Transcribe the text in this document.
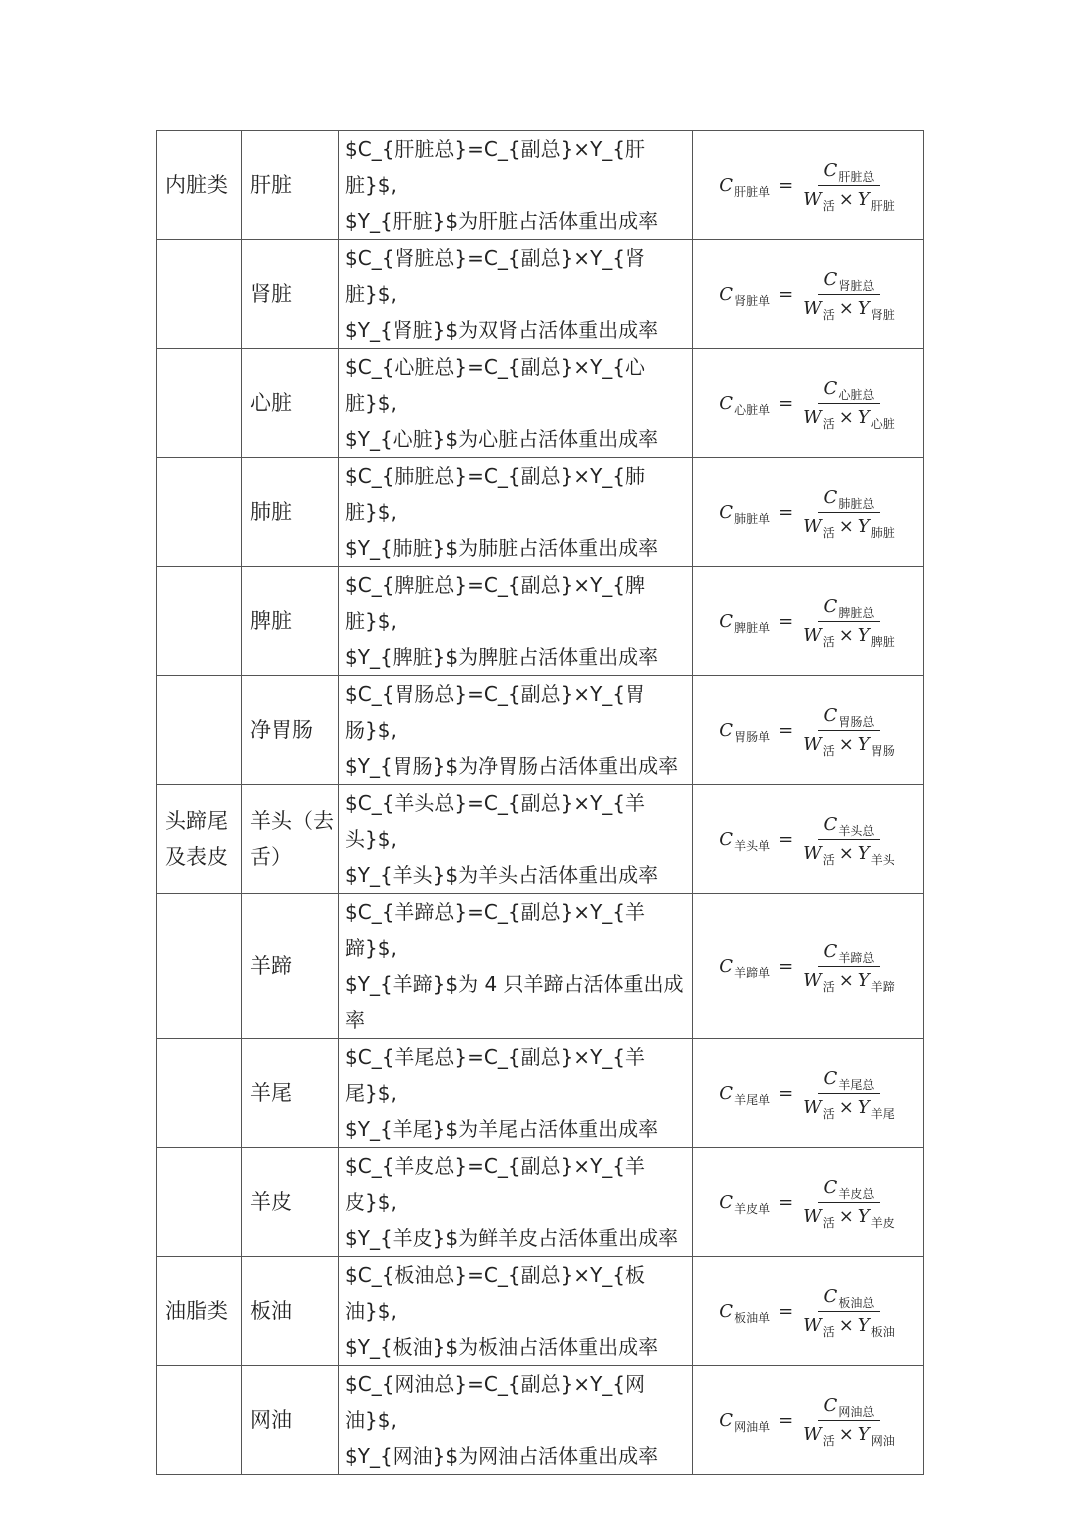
内脏类	肝脏	$C_{肝脏总}=C_{副总}×Y_{肝脏}$,
$Y_{肝脏}$为肝脏占活体重出成率	$C_{肝脏单} = \frac{C_{肝脏总}}{W_活 \times Y_{肝脏}}$

	肾脏	$C_{肾脏总}=C_{副总}×Y_{肾脏}$,
$Y_{肾脏}$为双肾占活体重出成率	$C_{肾脏单} = \frac{C_{肾脏总}}{W_活 \times Y_{肾脏}}$

	心脏	$C_{心脏总}=C_{副总}×Y_{心脏}$,
$Y_{心脏}$为心脏占活体重出成率	$C_{心脏单} = \frac{C_{心脏总}}{W_活 \times Y_{心脏}}$

	肺脏	$C_{肺脏总}=C_{副总}×Y_{肺脏}$,
$Y_{肺脏}$为肺脏占活体重出成率	$C_{肺脏单} = \frac{C_{肺脏总}}{W_活 \times Y_{肺脏}}$

	脾脏	$C_{脾脏总}=C_{副总}×Y_{脾脏}$,
$Y_{脾脏}$为脾脏占活体重出成率	$C_{脾脏单} = \frac{C_{脾脏总}}{W_活 \times Y_{脾脏}}$

	净胃肠	$C_{胃肠总}=C_{副总}×Y_{胃肠}$,
$Y_{胃肠}$为净胃肠占活体重出成率	$C_{胃肠单} = \frac{C_{胃肠总}}{W_活 \times Y_{胃肠}}$

头蹄尾及表皮	羊头（去舌）	$C_{羊头总}=C_{副总}×Y_{羊头}$,
$Y_{羊头}$为羊头占活体重出成率	$C_{羊头单} = \frac{C_{羊头总}}{W_活 \times Y_{羊头}}$

	羊蹄	$C_{羊蹄总}=C_{副总}×Y_{羊蹄}$,
$Y_{羊蹄}$为 4 只羊蹄占活体重出成
率	$C_{羊蹄单} = \frac{C_{羊蹄总}}{W_活 \times Y_{羊蹄}}$

	羊尾	$C_{羊尾总}=C_{副总}×Y_{羊尾}$,
$Y_{羊尾}$为羊尾占活体重出成率	$C_{羊尾单} = \frac{C_{羊尾总}}{W_活 \times Y_{羊尾}}$

	羊皮	$C_{羊皮总}=C_{副总}×Y_{羊皮}$,
$Y_{羊皮}$为鲜羊皮占活体重出成率	$C_{羊皮单} = \frac{C_{羊皮总}}{W_活 \times Y_{羊皮}}$

油脂类	板油	$C_{板油总}=C_{副总}×Y_{板油}$,
$Y_{板油}$为板油占活体重出成率	$C_{板油单} = \frac{C_{板油总}}{W_活 \times Y_{板油}}$

	网油	$C_{网油总}=C_{副总}×Y_{网油}$,
$Y_{网油}$为网油占活体重出成率	$C_{网油单} = \frac{C_{网油总}}{W_活 \times Y_{网油}}$
